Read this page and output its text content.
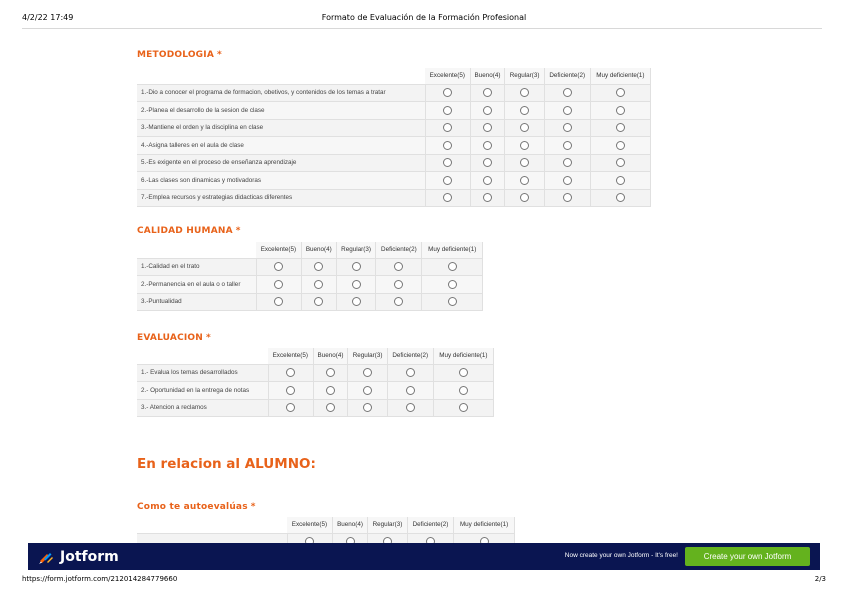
4/2/22 17:49	Formato de Evaluación de la Formación Profesional
METODOLOGIA *
	Excelente(5)	Bueno(4)	Regular(3)	Deficiente(2)	Muy deficiente(1)
1.-Dio a conocer el programa de formacion, obetivos, y contenidos de los temas a tratar					
2.-Planea el desarrollo de la sesion de clase					
3.-Mantiene el orden y la disciplina en clase					
4.-Asigna talleres en el aula de clase					
5.-Es exigente en el proceso de enseñanza aprendizaje					
6.-Las clases son dinamicas y motivadoras					
7.-Emplea recursos y estrategias didacticas diferentes					
CALIDAD HUMANA *
	Excelente(5)	Bueno(4)	Regular(3)	Deficiente(2)	Muy deficiente(1)
1.-Calidad en el trato					
2.-Permanencia en el aula o o taller					
3.-Puntualidad					
EVALUACION *
	Excelente(5)	Bueno(4)	Regular(3)	Deficiente(2)	Muy deficiente(1)
1.- Evalua los temas desarrollados					
2.- Oportunidad en la entrega de notas					
3.- Atencion a reclamos					
En relacion al ALUMNO:
Como te autoevalúas *
	Excelente(5)	Bueno(4)	Regular(3)	Deficiente(2)	Muy deficiente(1)

Jotform	Now create your own Jotform - It's free!	Create your own Jotform
https://form.jotform.com/212014284779660	2/3
